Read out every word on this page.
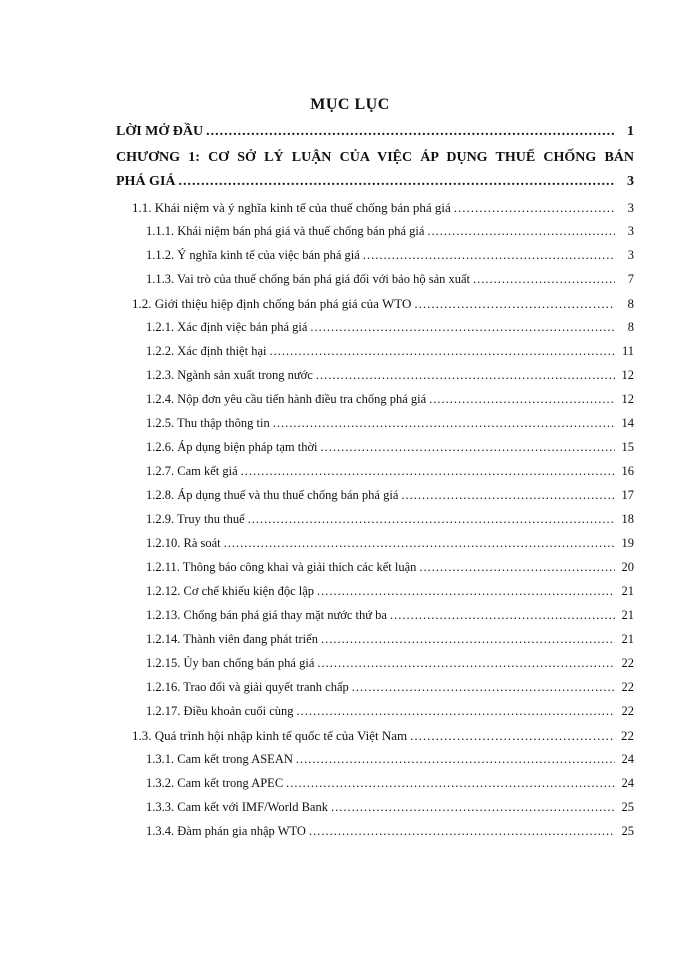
MỤC LỤC
LỜI MỞ ĐẦU .....	1
CHƯƠNG 1: CƠ SỞ LÝ LUẬN CỦA VIỆC ÁP DỤNG THUẾ CHỐNG BÁN
PHÁ GIÁ .....	3
1.1. Khái niệm và ý nghĩa kinh tế của thuế chống bán phá giá .....	3
1.1.1. Khái niệm bán phá giá và thuế chống bán phá giá .....	3
1.1.2. Ý nghĩa kinh tế của việc bán phá giá .....	3
1.1.3. Vai trò của thuế chống bán phá giá đối với bảo hộ sản xuất .....	7
1.2. Giới thiệu hiệp định chống bán phá giá của WTO .....	8
1.2.1. Xác định việc bán phá giá .....	8
1.2.2. Xác định thiệt hại .....	11
1.2.3. Ngành sản xuất trong nước .....	12
1.2.4. Nộp đơn yêu cầu tiến hành điều tra chống phá giá .....	12
1.2.5. Thu thập thông tin .....	14
1.2.6. Áp dụng biện pháp tạm thời .....	15
1.2.7. Cam kết giá .....	16
1.2.8. Áp dụng thuế và thu thuế chống bán phá giá .....	17
1.2.9. Truy thu thuế .....	18
1.2.10. Rà soát .....	19
1.2.11. Thông báo công khai và giải thích các kết luận .....	20
1.2.12. Cơ chế khiếu kiện độc lập .....	21
1.2.13. Chống bán phá giá thay mặt nước thứ ba .....	21
1.2.14. Thành viên đang phát triển .....	21
1.2.15. Ủy ban chống bán phá giá .....	22
1.2.16. Trao đổi và giải quyết tranh chấp .....	22
1.2.17. Điều khoản cuối cùng .....	22
1.3. Quá trình hội nhập kinh tế quốc tế của Việt Nam .....	22
1.3.1. Cam kết trong ASEAN .....	24
1.3.2. Cam kết trong APEC .....	24
1.3.3. Cam kết với IMF/World Bank .....	25
1.3.4. Đàm phán gia nhập WTO .....	25
